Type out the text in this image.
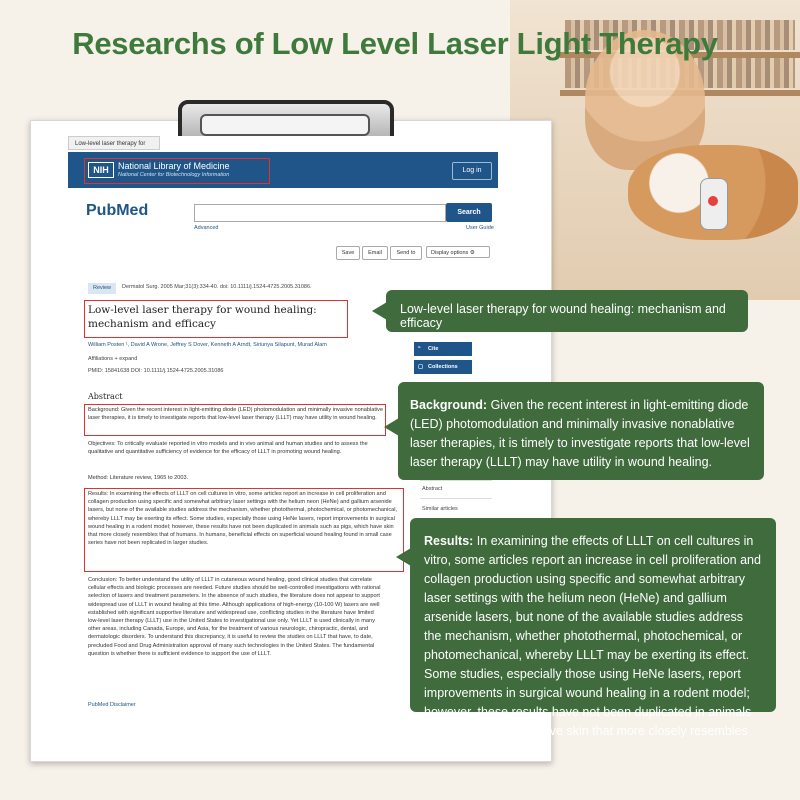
Researchs of Low Level Laser Light Therapy
Low-level laser therapy for
NIH	National Library of Medicine
National Center for Biotechnology Information
Log in
PubMed	Search
Advanced	User Guide
Save	Email	Send to	Display options ⚙
Review	Dermatol Surg. 2005 Mar;31(3):334-40. doi: 10.1111/j.1524-4725.2005.31086.
Low-level laser therapy for wound healing: mechanism and efficacy
William Posten ¹, David A Wrone, Jeffrey S Dover, Kenneth A Arndt, Siriunya Silapunt, Murad Alam
Affiliations + expand
PMID: 15841638 DOI: 10.1111/j.1524-4725.2005.31086
Abstract
Background: Given the recent interest in light-emitting diode (LED) photomodulation and minimally invasive nonablative laser therapies, it is timely to investigate reports that low-level laser therapy (LLLT) may have utility in wound healing.
Objectives: To critically evaluate reported in vitro models and in vivo animal and human studies and to assess the qualitative and quantitative sufficiency of evidence for the efficacy of LLLT in promoting wound healing.
Method: Literature review, 1965 to 2003.
Results: In examining the effects of LLLT on cell cultures in vitro, some articles report an increase in cell proliferation and collagen production using specific and somewhat arbitrary laser settings with the helium neon (HeNe) and gallium arsenide lasers, but none of the available studies address the mechanism, whether photothermal, photochemical, or photomechanical, whereby LLLT may be exerting its effect. Some studies, especially those using HeNe lasers, report improvements in surgical wound healing in a rodent model; however, these results have not been duplicated in animals such as pigs, which have skin that more closely resembles that of humans. In humans, beneficial effects on superficial wound healing found in small case series have not been replicated in larger studies.
Conclusion: To better understand the utility of LLLT in cutaneous wound healing, good clinical studies that correlate cellular effects and biologic processes are needed. Future studies should be well-controlled investigations with rational selection of lasers and treatment parameters. In the absence of such studies, the literature does not appear to support widespread use of LLLT in wound healing at this time. Although applications of high-energy (10-100 W) lasers are well established with significant supportive literature and widespread use, conflicting studies in the literature have limited low-level laser therapy (LLLT) use in the United States to investigational use only. Yet LLLT is used clinically in many other areas, including Canada, Europe, and Asia, for the treatment of various neurologic, chiropractic, dental, and dermatologic disorders. To understand this discrepancy, it is useful to review the studies on LLLT that have, to date, precluded Food and Drug Administration approval of many such technologies in the United States. The fundamental question is whether there is sufficient evidence to support the use of LLLT.
PubMed Disclaimer
“ Cite
▢ Collections
Abstract
Similar articles
Low-level laser therapy for wound healing: mechanism and efficacy
Background: Given the recent interest in light-emitting diode (LED) photomodulation and minimally invasive nonablative laser therapies, it is timely to investigate reports that low-level laser therapy (LLLT) may have utility in wound healing.
Results: In examining the effects of LLLT on cell cultures in vitro, some articles report an increase in cell proliferation and collagen production using specific and somewhat arbitrary laser settings with the helium neon (HeNe) and gallium arsenide lasers, but none of the available studies address the mechanism, whether photothermal, photochemical, or photomechanical, whereby LLLT may be exerting its effect. Some studies, especially those using HeNe lasers, report improvements in surgical wound healing in a rodent model; however, these results have not been duplicated in animals such as pigs, which have skin that more closely resembles that of humans
